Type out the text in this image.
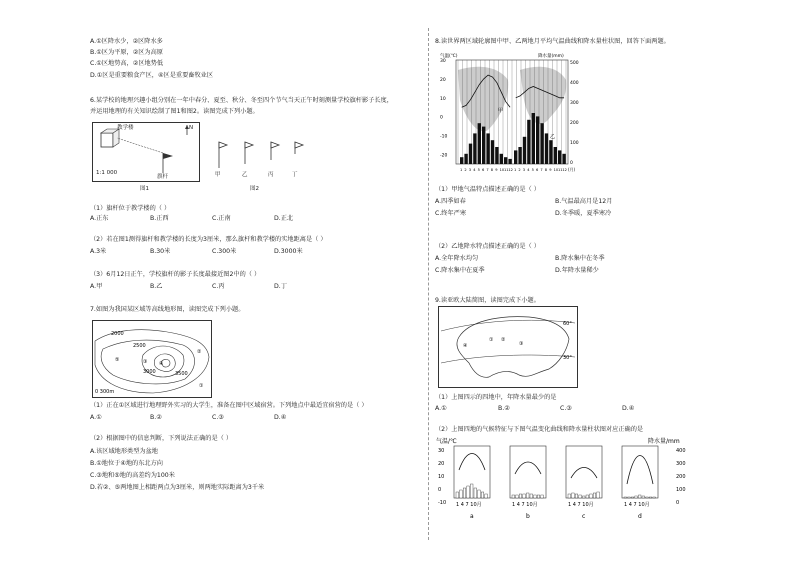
教学楼	N
1:1 000
旗杆
图1
甲	乙	丙	丁
图2
2000
2500
3000	3500
0 300m
⑤
④
③
②
①
30
20
10
0
-10
-20
500
400
300
200
100
0
气温(℃)	降水量(mm)
1	1
2	2
3	3
4	4
5	5
6	6
7	7
8	8
9	9
10	10
11	11
12	12 (月)
甲
乙
60°
30°
① ②
③
④
气温/℃	降水量/mm
30
20
10
0
-10
400
300
200
100
0
1 4 7 10月
a
1 4 7 10月
b
1 4 7 10月
c
1 4 7 10月
d
A.①区降水少，②区降水多
B.①区为平原，②区为高原
C.①区地势高，②区地势低
D.①区是重要粮食产区，④区是重要畜牧业区
6.某学校的地理兴趣小组分别在一年中春分、夏至、秋分、冬至四个节气当天正午时刻测量学校旗杆影子长度，
并运用地理的有关知识绘制了图1和图2。读图完成下列小题。
（1）旗杆位于教学楼的（ ）
A.正东	B.正西	C.正南	D.正北
（2）若在图1测得旗杆和教学楼的长度为3厘米，那么旗杆和教学楼的实地距离是（ ）
A.3米	B.30米	C.300米	D.3000米
（3）6月12日正午，学校旗杆的影子长度最接近图2中的（ ）
A.甲	B.乙	C.丙	D.丁
7.如图为我国某区域等高线地形图，读图完成下列小题。
（1）正在①区域进行地理野外实习的大学生，准备在图中区域宿营。下列地点中最适宜宿营的是（ ）
A.①	B.②	C.③	D.④
（2）根据图中的信息判断，下列说法正确的是（ ）
A.该区域地形类型为盆地
B.①地位于④地的东北方向
C.③地和⑤地的高差约为100米
D.若②、⑤两地图上相距两点为3厘米，则两地实际距离为3千米
8.读世界两区域轮廓图中甲、乙两地月平均气温曲线和降水量柱状图，回答下面两题。
（1）甲地气温特点描述正确的是（ ）
A.四季如春	B.气温最高月是12月
C.终年严寒	D.冬季暖，夏季寒冷
（2）乙地降水特点描述正确的是（ ）
A.全年降水均匀	B.降水集中在冬季
C.降水集中在夏季	D.年降水量稀少
9.读亚欧大陆简图，读图完成下小题。
（1）上图四示的四地中，年降水量最少的是
A.①	B.②	C.③	D.④
（2）上图四地的气候特征与下图气温变化曲线和降水量柱状图对应正确的是
